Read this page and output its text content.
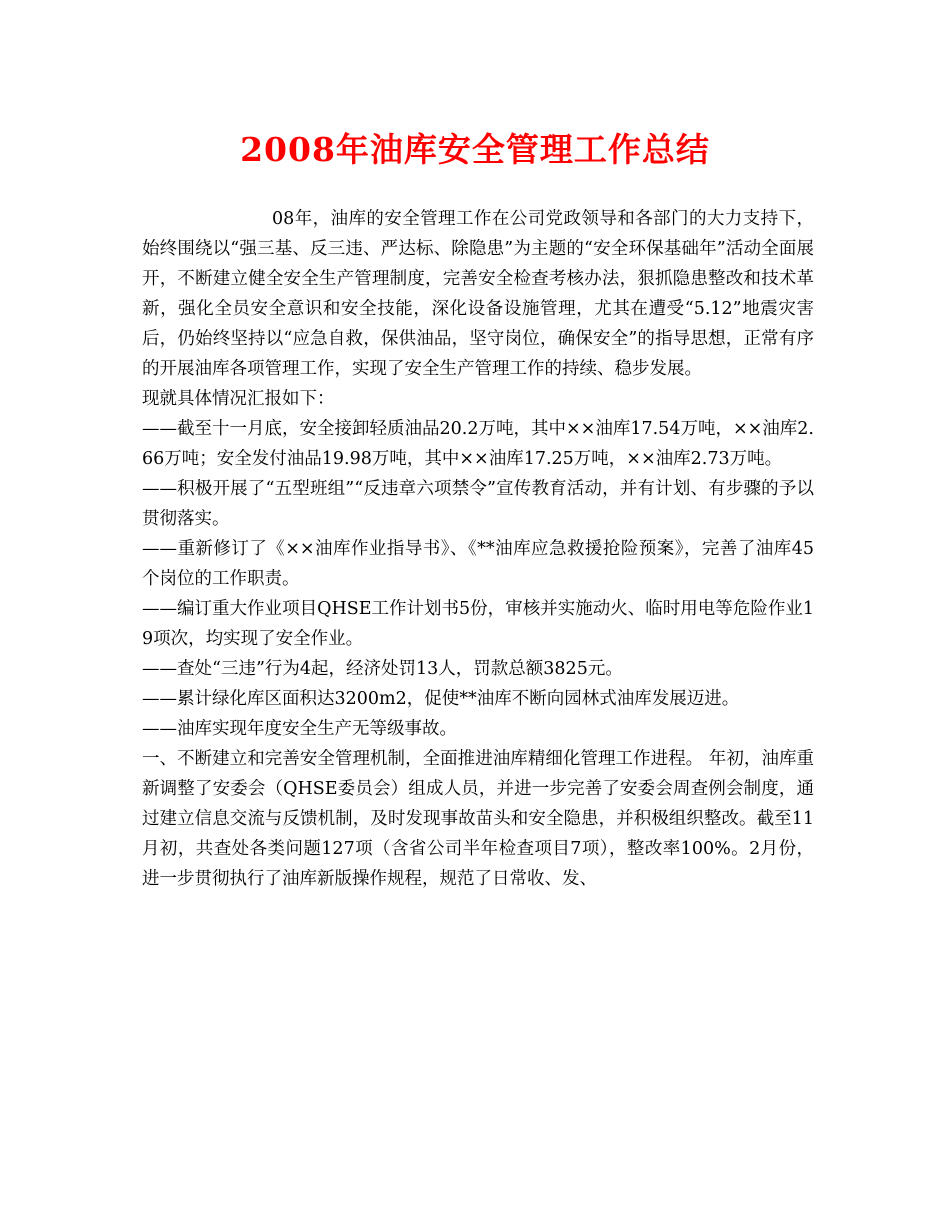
2008年油库安全管理工作总结

08年，油库的安全管理工作在公司党政领导和各部门的大力支持下，始终围绕以“强三基、反三违、严达标、除隐患”为主题的“安全环保基础年”活动全面展开，不断建立健全安全生产管理制度，完善安全检查考核办法，狠抓隐患整改和技术革新，强化全员安全意识和安全技能，深化设备设施管理，尤其在遭受“5.12”地震灾害后，仍始终坚持以“应急自救，保供油品，坚守岗位，确保安全”的指导思想，正常有序的开展油库各项管理工作，实现了安全生产管理工作的持续、稳步发展。

现就具体情况汇报如下：

——截至十一月底，安全接卸轻质油品20.2万吨，其中××油库17.54万吨，××油库2.66万吨；安全发付油品19.98万吨，其中××油库17.25万吨，××油库2.73万吨。

——积极开展了“五型班组”“反违章六项禁令”宣传教育活动，并有计划、有步骤的予以贯彻落实。

——重新修订了《××油库作业指导书》、《**油库应急救援抢险预案》，完善了油库45个岗位的工作职责。

——编订重大作业项目QHSE工作计划书5份，审核并实施动火、临时用电等危险作业19项次，均实现了安全作业。

——查处“三违”行为4起，经济处罚13人，罚款总额3825元。

——累计绿化库区面积达3200m2，促使**油库不断向园林式油库发展迈进。

——油库实现年度安全生产无等级事故。

一、不断建立和完善安全管理机制，全面推进油库精细化管理工作进程。 年初，油库重新调整了安委会（QHSE委员会）组成人员，并进一步完善了安委会周查例会制度，通过建立信息交流与反馈机制，及时发现事故苗头和安全隐患，并积极组织整改。截至11月初，共查处各类问题127项（含省公司半年检查项目7项），整改率100%。2月份，进一步贯彻执行了油库新版操作规程，规范了日常收、发、
